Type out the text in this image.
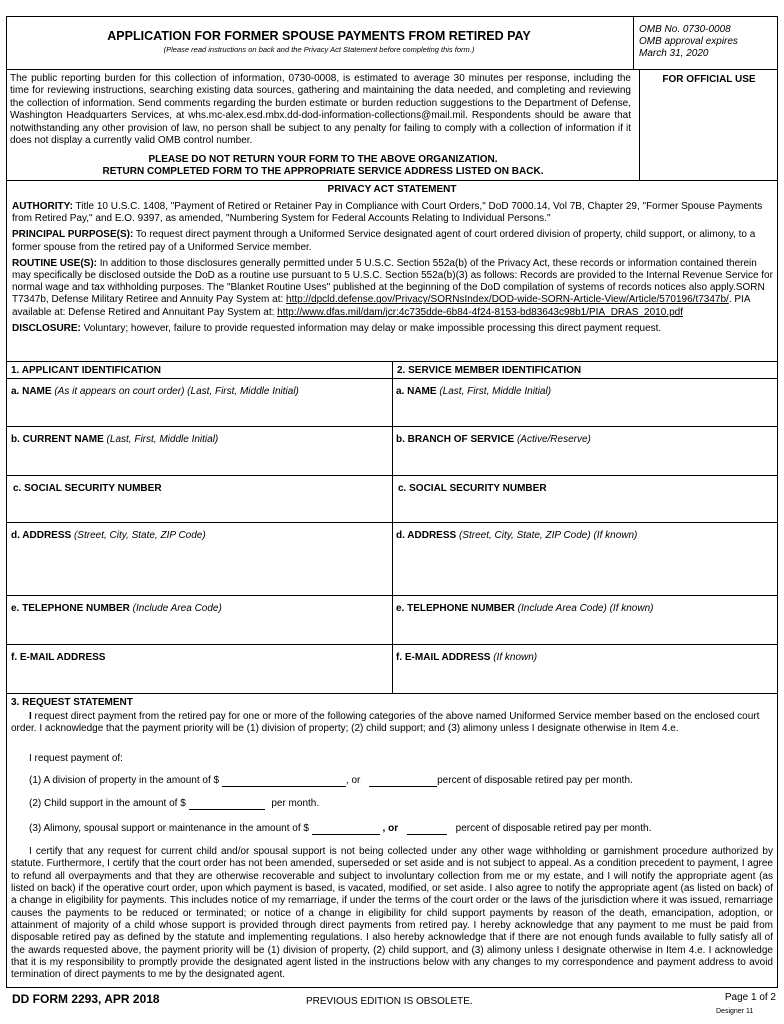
APPLICATION FOR FORMER SPOUSE PAYMENTS FROM RETIRED PAY
(Please read instructions on back and the Privacy Act Statement before completing this form.)
OMB No. 0730-0008
OMB approval expires
March 31, 2020
The public reporting burden for this collection of information, 0730-0008, is estimated to average 30 minutes per response, including the time for reviewing instructions, searching existing data sources, gathering and maintaining the data needed, and completing and reviewing the collection of information. Send comments regarding the burden estimate or burden reduction suggestions to the Department of Defense, Washington Headquarters Services, at whs.mc-alex.esd.mbx.dd-dod-information-collections@mail.mil. Respondents should be aware that notwithstanding any other provision of law, no person shall be subject to any penalty for failing to comply with a collection of information if it does not display a currently valid OMB control number.
FOR OFFICIAL USE
PLEASE DO NOT RETURN YOUR FORM TO THE ABOVE ORGANIZATION.
RETURN COMPLETED FORM TO THE APPROPRIATE SERVICE ADDRESS LISTED ON BACK.
PRIVACY ACT STATEMENT

AUTHORITY: Title 10 U.S.C. 1408, "Payment of Retired or Retainer Pay in Compliance with Court Orders," DoD 7000.14, Vol 7B, Chapter 29, "Former Spouse Payments from Retired Pay," and E.O. 9397, as amended, "Numbering System for Federal Accounts Relating to Individual Persons."

PRINCIPAL PURPOSE(S): To request direct payment through a Uniformed Service designated agent of court ordered division of property, child support, or alimony, to a former spouse from the retired pay of a Uniformed Service member.

ROUTINE USE(S): In addition to those disclosures generally permitted under 5 U.S.C. Section 552a(b) of the Privacy Act, these records or information contained therein may specifically be disclosed outside the DoD as a routine use pursuant to 5 U.S.C. Section 552a(b)(3) as follows: Records are provided to the Internal Revenue Service for normal wage and tax withholding purposes. The "Blanket Routine Uses" published at the beginning of the DoD compilation of systems of records notices also apply.SORN T7347b, Defense Military Retiree and Annuity Pay System at: http://dpcld.defense.gov/Privacy/SORNsIndex/DOD-wide-SORN-Article-View/Article/570196/t7347b/. PIA available at: Defense Retired and Annuitant Pay System at: http://www.dfas.mil/dam/jcr:4c735dde-6b84-4f24-8153-bd83643c98b1/PIA_DRAS_2010.pdf

DISCLOSURE: Voluntary; however, failure to provide requested information may delay or make impossible processing this direct payment request.

1. APPLICANT IDENTIFICATION	2. SERVICE MEMBER IDENTIFICATION
a. NAME (As it appears on court order) (Last, First, Middle Initial)	a. NAME (Last, First, Middle Initial)
b. CURRENT NAME (Last, First, Middle Initial)	b. BRANCH OF SERVICE (Active/Reserve)
c. SOCIAL SECURITY NUMBER	c. SOCIAL SECURITY NUMBER
d. ADDRESS (Street, City, State, ZIP Code)	d. ADDRESS (Street, City, State, ZIP Code) (If known)
e. TELEPHONE NUMBER (Include Area Code)	e. TELEPHONE NUMBER (Include Area Code) (If known)
f. E-MAIL ADDRESS	f. E-MAIL ADDRESS (If known)
3. REQUEST STATEMENT
I request direct payment from the retired pay for one or more of the following categories of the above named Uniformed Service member based on the enclosed court order. I acknowledge that the payment priority will be (1) division of property; (2) child support; and (3) alimony unless I designate otherwise in Item 4.e.
I request payment of:
(1) A division of property in the amount of $	, or	percent of disposable retired pay per month.
(2) Child support in the amount of $	per month.
(3) Alimony, spousal support or maintenance in the amount of $	, or	percent of disposable retired pay per month.
I certify that any request for current child and/or spousal support is not being collected under any other wage withholding or garnishment procedure authorized by statute. Furthermore, I certify that the court order has not been amended, superseded or set aside and is not subject to appeal. As a condition precedent to payment, I agree to refund all overpayments and that they are otherwise recoverable and subject to involuntary collection from me or my estate, and I will notify the appropriate agent (as listed on back) if the operative court order, upon which payment is based, is vacated, modified, or set aside. I also agree to notify the appropriate agent (as listed on back) of a change in eligibility for payments. This includes notice of my remarriage, if under the terms of the court order or the laws of the jurisdiction where it was issued, remarriage causes the payments to be reduced or terminated; or notice of a change in eligibility for child support payments by reason of the death, emancipation, adoption, or attainment of majority of a child whose support is provided through direct payments from retired pay. I hereby acknowledge that any payment to me must be paid from disposable retired pay as defined by the statute and implementing regulations. I also hereby acknowledge that if there are not enough funds available to fully satisfy all of the awards requested above, the payment priority will be (1) division of property, (2) child support, and (3) alimony unless I designate otherwise in Item 4.e. I acknowledge that it is my responsibility to promptly provide the designated agent listed in the instructions below with any changes to my correspondence and payment address to avoid termination of direct payments to me by the designated agent.
DD FORM 2293, APR 2018	PREVIOUS EDITION IS OBSOLETE.	Page 1 of 2
Designer 11
